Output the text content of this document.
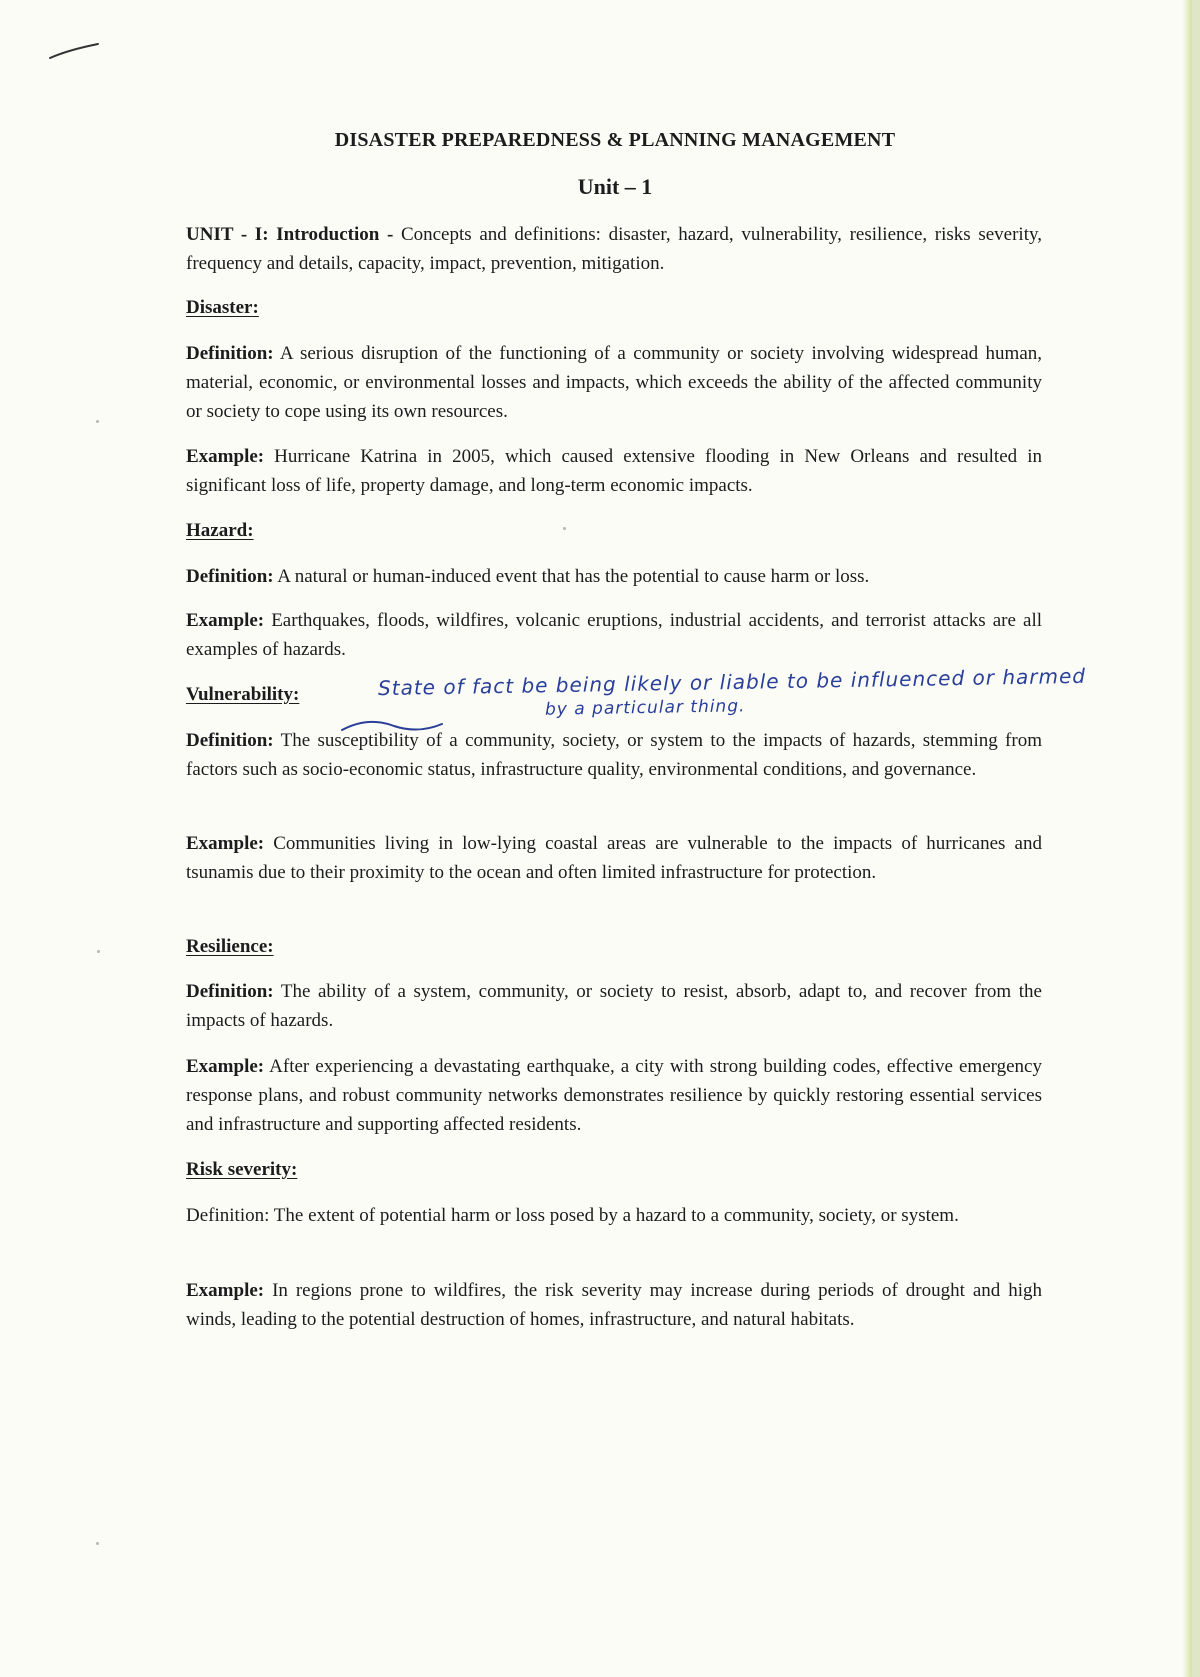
DISASTER PREPAREDNESS & PLANNING MANAGEMENT
Unit – 1
UNIT - I: Introduction - Concepts and definitions: disaster, hazard, vulnerability, resilience, risks severity, frequency and details, capacity, impact, prevention, mitigation.
Disaster:
Definition: A serious disruption of the functioning of a community or society involving widespread human, material, economic, or environmental losses and impacts, which exceeds the ability of the affected community or society to cope using its own resources.
Example: Hurricane Katrina in 2005, which caused extensive flooding in New Orleans and resulted in significant loss of life, property damage, and long-term economic impacts.
Hazard:
Definition: A natural or human-induced event that has the potential to cause harm or loss.
Example: Earthquakes, floods, wildfires, volcanic eruptions, industrial accidents, and terrorist attacks are all examples of hazards.
Vulnerability:	State of fact be being likely or liable to be influenced or harmed
by a particular thing.
Definition: The susceptibility of a community, society, or system to the impacts of hazards, stemming from factors such as socio-economic status, infrastructure quality, environmental conditions, and governance.
Example: Communities living in low-lying coastal areas are vulnerable to the impacts of hurricanes and tsunamis due to their proximity to the ocean and often limited infrastructure for protection.
Resilience:
Definition: The ability of a system, community, or society to resist, absorb, adapt to, and recover from the impacts of hazards.
Example: After experiencing a devastating earthquake, a city with strong building codes, effective emergency response plans, and robust community networks demonstrates resilience by quickly restoring essential services and infrastructure and supporting affected residents.
Risk severity:
Definition: The extent of potential harm or loss posed by a hazard to a community, society, or system.
Example: In regions prone to wildfires, the risk severity may increase during periods of drought and high winds, leading to the potential destruction of homes, infrastructure, and natural habitats.
